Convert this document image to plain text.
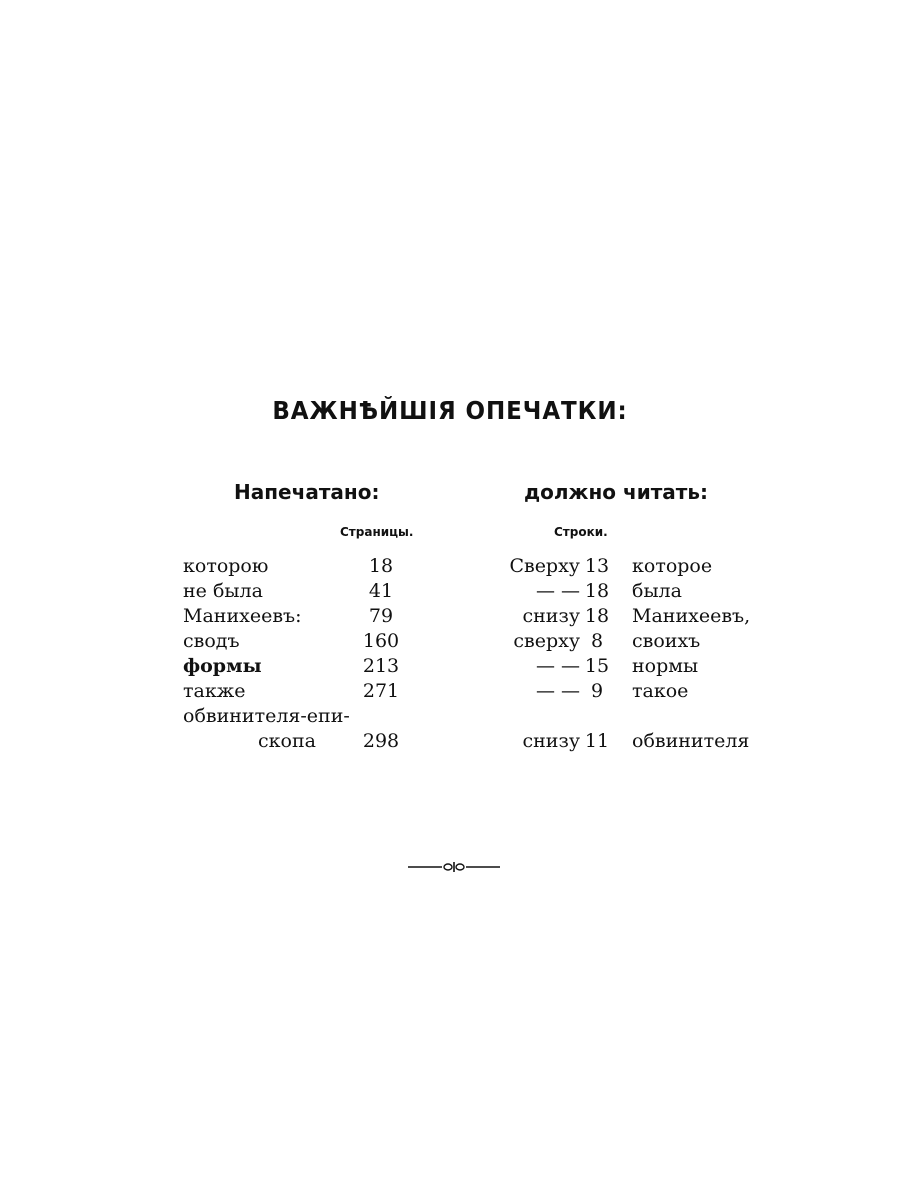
ВАЖНѢЙШІЯ ОПЕЧАТКИ:
Напечатано:	должно читать:
Страницы.	Строки.
которою	18	Сверху 13 которое
не была	41	— — 18 была
Манихеевъ:	79	снизу 18 Манихеевъ,
сводъ	160	сверху 8	своихъ
формы	213	— — 15 нормы
также	271	— — 9	такое
обвинителя-епи-
скопа	298	снизу 11 обвинителя
